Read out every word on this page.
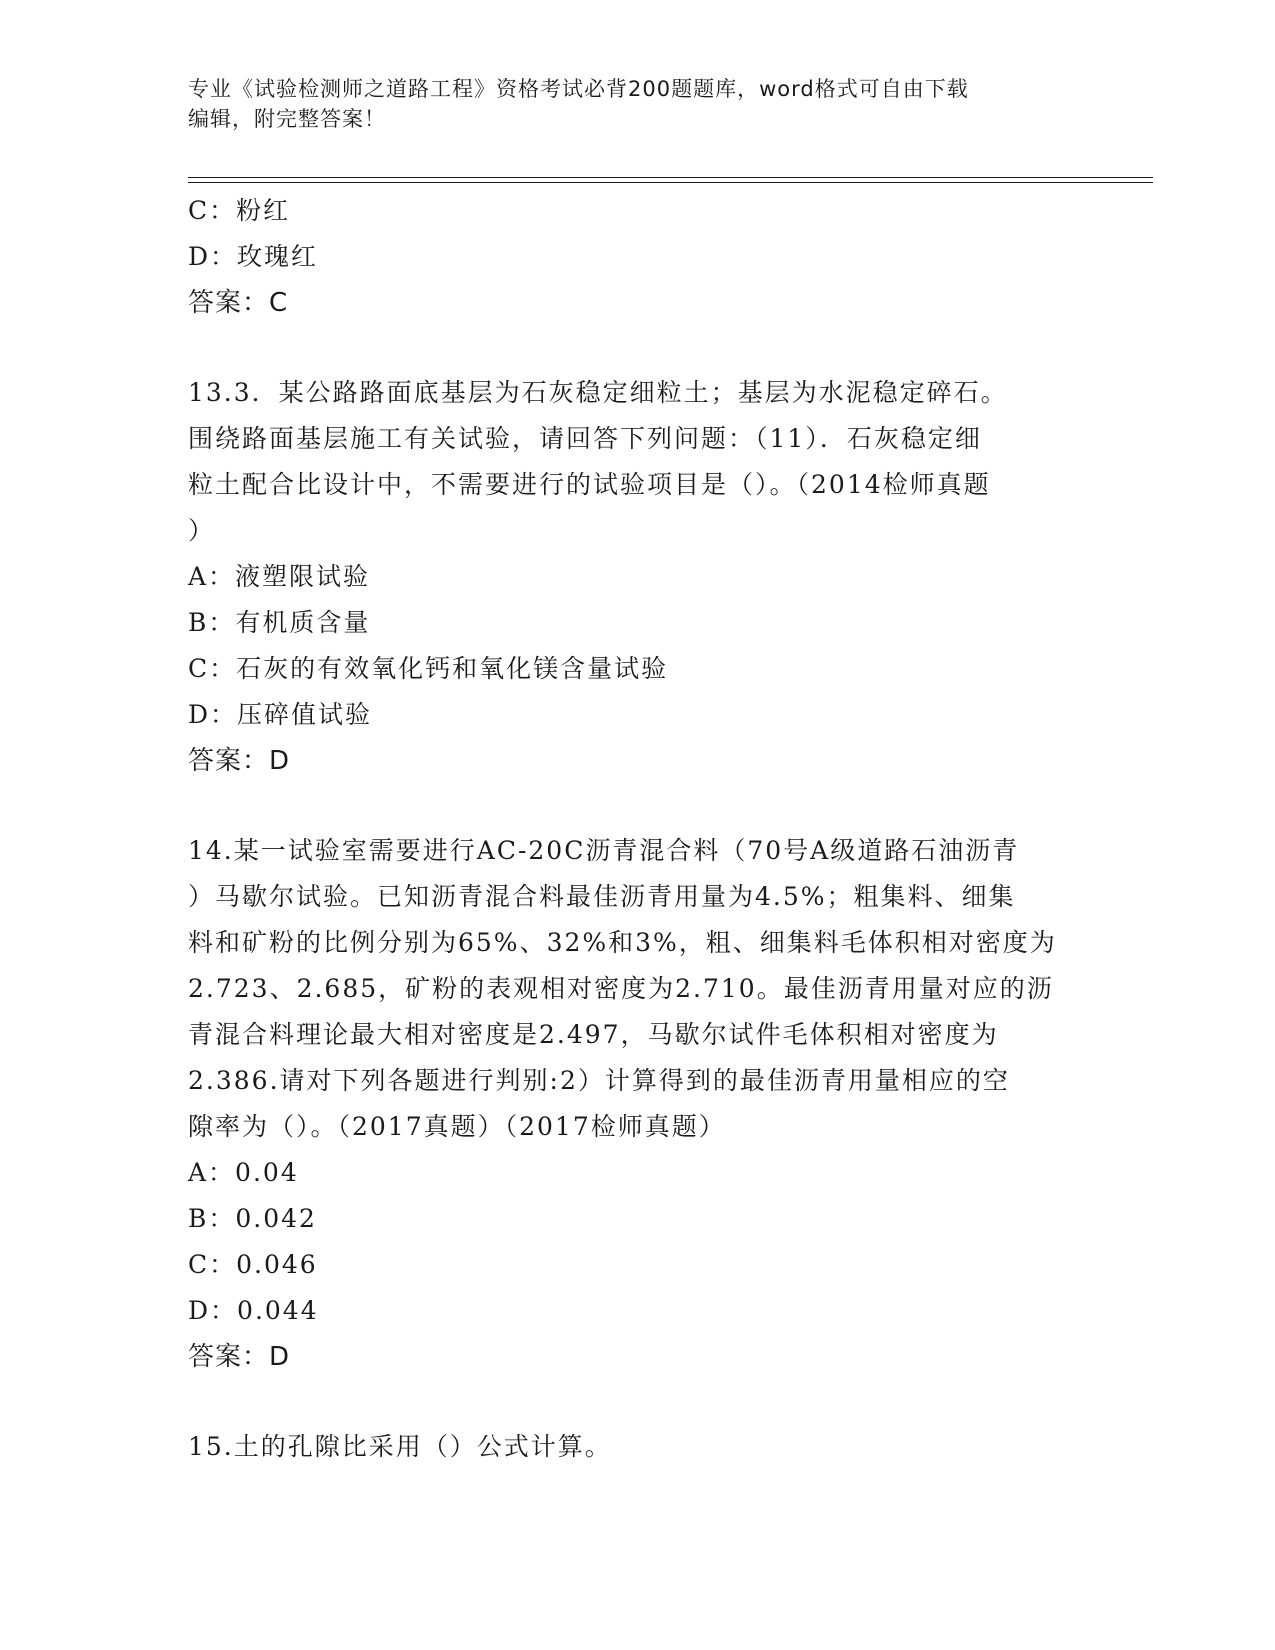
专业《试验检测师之道路工程》资格考试必背200题题库，word格式可自由下载
编辑，附完整答案！
C：粉红
D：玫瑰红
答案：C
13.3．某公路路面底基层为石灰稳定细粒土；基层为水泥稳定碎石。
围绕路面基层施工有关试验，请回答下列问题：（11）．石灰稳定细
粒土配合比设计中，不需要进行的试验项目是（）。（2014检师真题
）
A：液塑限试验
B：有机质含量
C：石灰的有效氧化钙和氧化镁含量试验
D：压碎值试验
答案：D
14.某一试验室需要进行AC-20C沥青混合料（70号A级道路石油沥青
）马歇尔试验。已知沥青混合料最佳沥青用量为4.5%；粗集料、细集
料和矿粉的比例分别为65%、32%和3%，粗、细集料毛体积相对密度为
2.723、2.685，矿粉的表观相对密度为2.710。最佳沥青用量对应的沥
青混合料理论最大相对密度是2.497，马歇尔试件毛体积相对密度为
2.386.请对下列各题进行判别:2）计算得到的最佳沥青用量相应的空
隙率为（）。（2017真题）（2017检师真题）
A：0.04
B：0.042
C：0.046
D：0.044
答案：D
15.土的孔隙比采用（）公式计算。
